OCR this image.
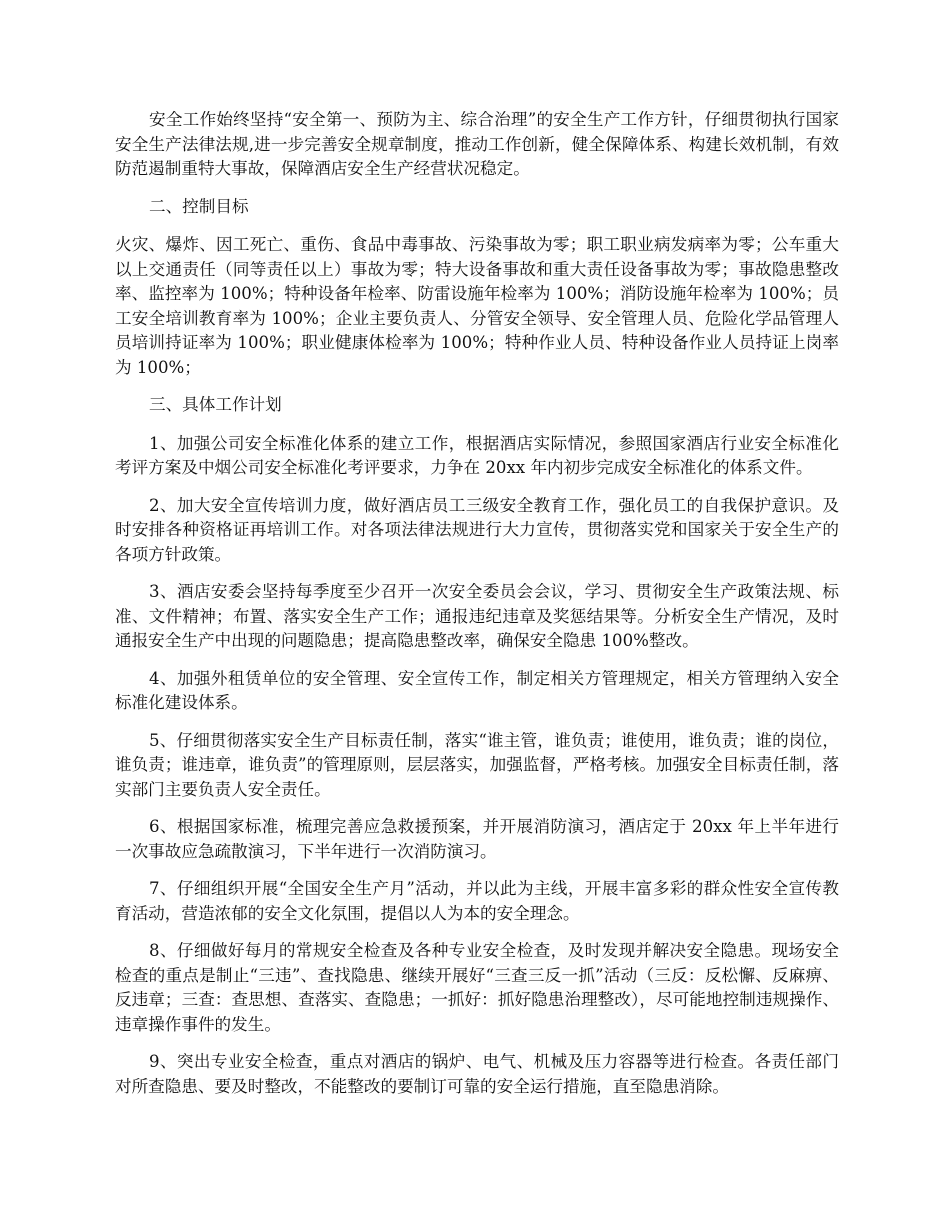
安全工作始终坚持“安全第一、预防为主、综合治理”的安全生产工作方针，仔细贯彻执行国家安全生产法律法规,进一步完善安全规章制度，推动工作创新，健全保障体系、构建长效机制，有效防范遏制重特大事故，保障酒店安全生产经营状况稳定。

二、控制目标

火灾、爆炸、因工死亡、重伤、食品中毒事故、污染事故为零；职工职业病发病率为零；公车重大以上交通责任（同等责任以上）事故为零；特大设备事故和重大责任设备事故为零；事故隐患整改率、监控率为 100%；特种设备年检率、防雷设施年检率为 100%；消防设施年检率为 100%；员工安全培训教育率为 100%；企业主要负责人、分管安全领导、安全管理人员、危险化学品管理人员培训持证率为 100%；职业健康体检率为 100%；特种作业人员、特种设备作业人员持证上岗率为 100%；

三、具体工作计划

1、加强公司安全标准化体系的建立工作，根据酒店实际情况，参照国家酒店行业安全标准化考评方案及中烟公司安全标准化考评要求，力争在 20xx 年内初步完成安全标准化的体系文件。

2、加大安全宣传培训力度，做好酒店员工三级安全教育工作，强化员工的自我保护意识。及时安排各种资格证再培训工作。对各项法律法规进行大力宣传，贯彻落实党和国家关于安全生产的各项方针政策。

3、酒店安委会坚持每季度至少召开一次安全委员会会议，学习、贯彻安全生产政策法规、标准、文件精神；布置、落实安全生产工作；通报违纪违章及奖惩结果等。分析安全生产情况，及时通报安全生产中出现的问题隐患；提高隐患整改率，确保安全隐患 100%整改。

4、加强外租赁单位的安全管理、安全宣传工作，制定相关方管理规定，相关方管理纳入安全标准化建设体系。

5、仔细贯彻落实安全生产目标责任制，落实“谁主管，谁负责；谁使用，谁负责；谁的岗位，谁负责；谁违章，谁负责”的管理原则，层层落实，加强监督，严格考核。加强安全目标责任制，落实部门主要负责人安全责任。

6、根据国家标准，梳理完善应急救援预案，并开展消防演习，酒店定于 20xx 年上半年进行一次事故应急疏散演习，下半年进行一次消防演习。

7、仔细组织开展“全国安全生产月”活动，并以此为主线，开展丰富多彩的群众性安全宣传教育活动，营造浓郁的安全文化氛围，提倡以人为本的安全理念。

8、仔细做好每月的常规安全检查及各种专业安全检查，及时发现并解决安全隐患。现场安全检查的重点是制止“三违”、查找隐患、继续开展好“三查三反一抓”活动（三反：反松懈、反麻痹、反违章；三查：查思想、查落实、查隐患；一抓好：抓好隐患治理整改），尽可能地控制违规操作、违章操作事件的发生。

9、突出专业安全检查，重点对酒店的锅炉、电气、机械及压力容器等进行检查。各责任部门对所查隐患、要及时整改，不能整改的要制订可靠的安全运行措施，直至隐患消除。
